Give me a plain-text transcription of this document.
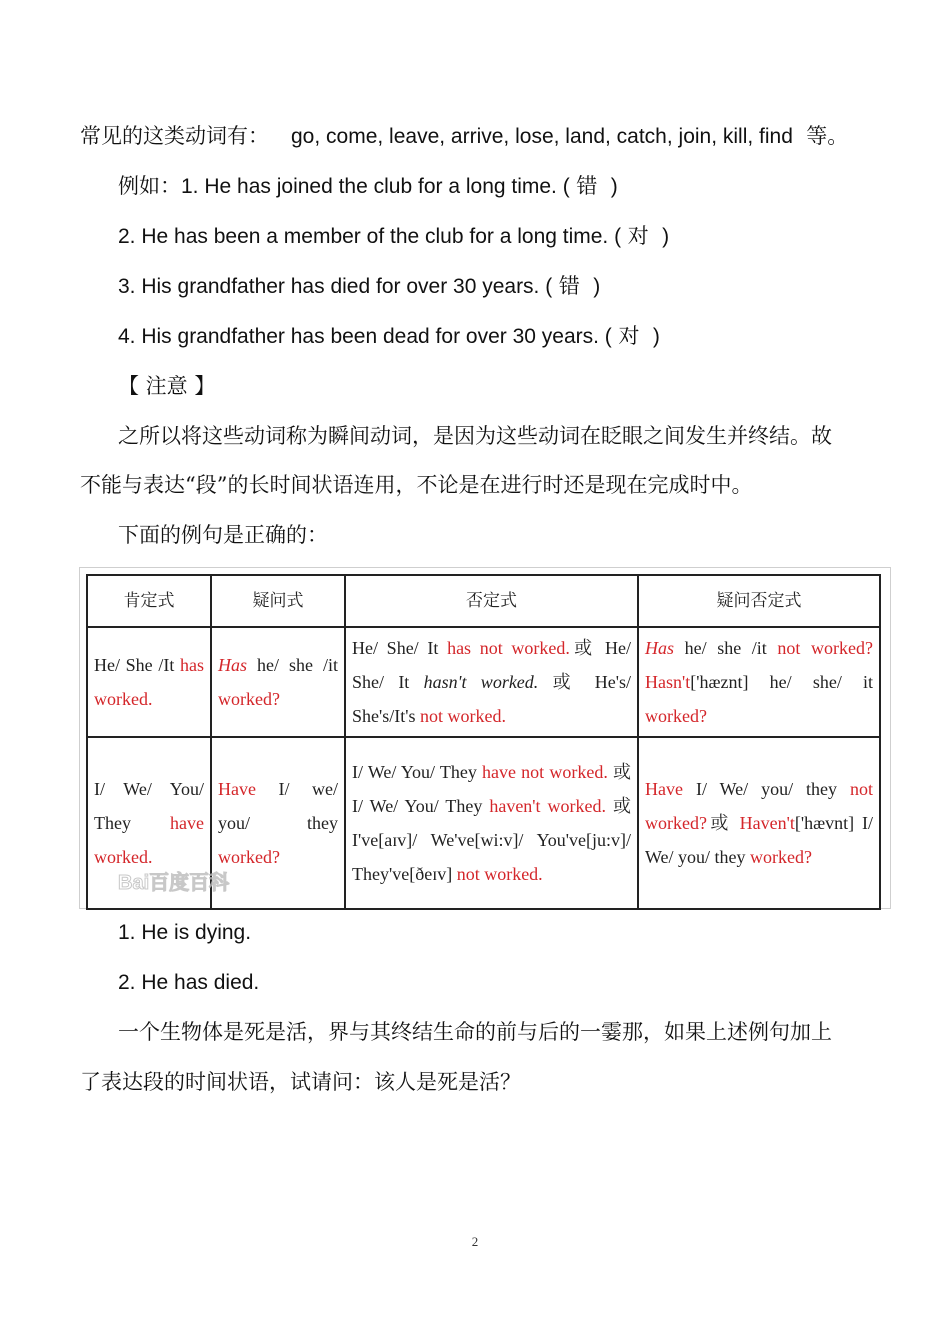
常见的这类动词有： go, come, leave, arrive, lose, land, catch, join, kill, find 等。
例如：1. He has joined the club for a long time. ( 错 )
2. He has been a member of the club for a long time. ( 对 )
3. His grandfather has died for over 30 years. ( 错 )
4. His grandfather has been dead for over 30 years. ( 对 )
【 注意 】
之所以将这些动词称为瞬间动词，是因为这些动词在眨眼之间发生并终结。故
不能与表达“段”的长时间状语连用，不论是在进行时还是现在完成时中。
下面的例句是正确的：
肯定式	疑问式	否定式	疑问否定式

He/ She /It has worked.	Has he/ she /it worked?	He/ She/ It has not worked.或 He/ She/ It hasn't worked. 或 He's/ She's/It's not worked.	Has he/ she /it not worked? Hasn't['hæznt] he/ she/ it worked?

I/ We/ You/ They have worked.	Have I/ we/ you/ they worked?	I/ We/ You/ They have not worked. 或 I/ We/ You/ They haven't worked. 或 I've[aɪv]/ We've[wi:v]/ You've[ju:v]/ They've[ðeɪv] not worked.	Have I/ We/ you/ they not worked?或 Haven't['hævnt] I/ We/ you/ they worked?
Bai百度百科
1. He is dying.
2. He has died.
一个生物体是死是活，界与其终结生命的前与后的一霎那，如果上述例句加上
了表达段的时间状语，试请问：该人是死是活？
2
